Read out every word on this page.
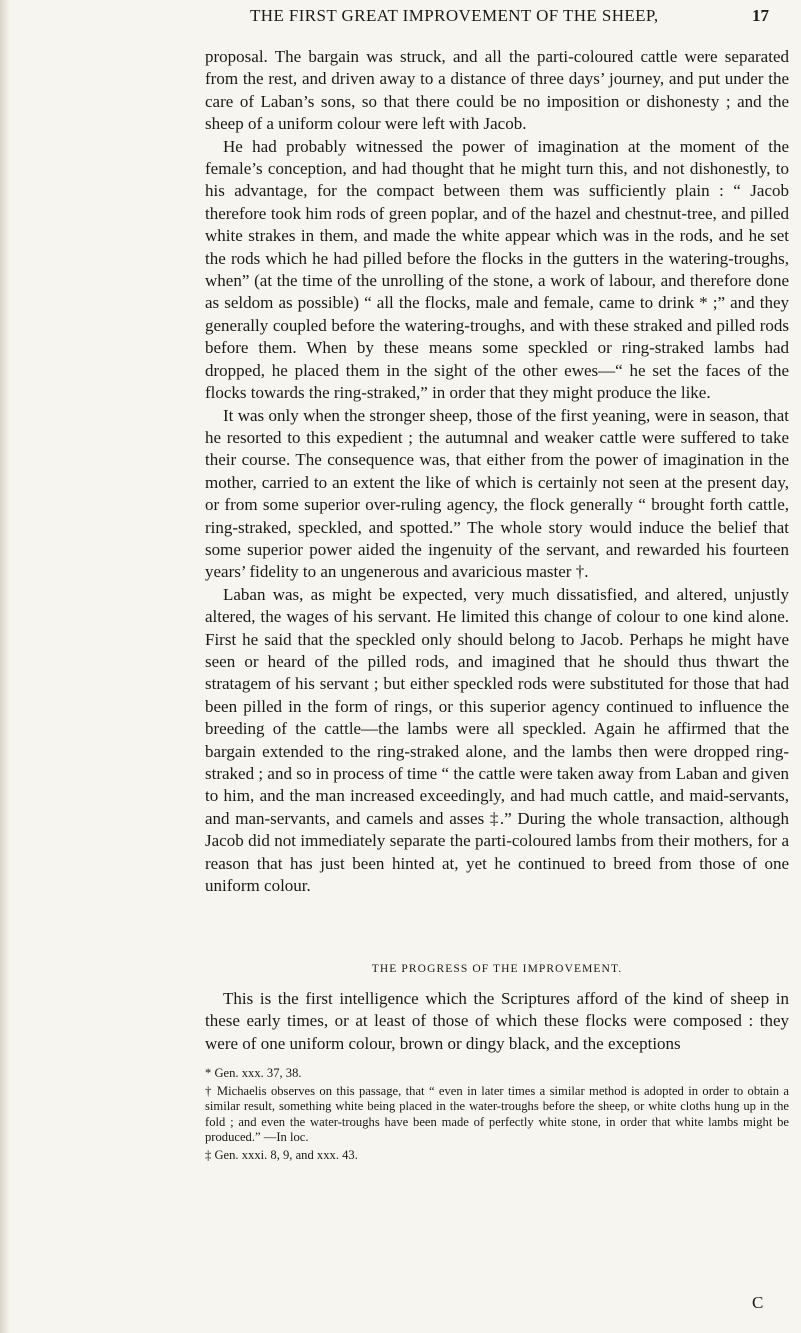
THE FIRST GREAT IMPROVEMENT OF THE SHEEP,	17

proposal. The bargain was struck, and all the parti-coloured cattle were separated from the rest, and driven away to a distance of three days’ journey, and put under the care of Laban’s sons, so that there could be no imposition or dishonesty ; and the sheep of a uniform colour were left with Jacob.

He had probably witnessed the power of imagination at the moment of the female’s conception, and had thought that he might turn this, and not dishonestly, to his advantage, for the compact between them was sufficiently plain : “ Jacob therefore took him rods of green poplar, and of the hazel and chestnut-tree, and pilled white strakes in them, and made the white appear which was in the rods, and he set the rods which he had pilled before the flocks in the gutters in the watering-troughs, when” (at the time of the unrolling of the stone, a work of labour, and therefore done as seldom as possible) “ all the flocks, male and female, came to drink * ;” and they generally coupled before the watering-troughs, and with these straked and pilled rods before them. When by these means some speckled or ring-straked lambs had dropped, he placed them in the sight of the other ewes—“ he set the faces of the flocks towards the ring-straked,” in order that they might produce the like.

It was only when the stronger sheep, those of the first yeaning, were in season, that he resorted to this expedient ; the autumnal and weaker cattle were suffered to take their course. The consequence was, that either from the power of imagination in the mother, carried to an extent the like of which is certainly not seen at the present day, or from some superior over-ruling agency, the flock generally “ brought forth cattle, ring-straked, speckled, and spotted.” The whole story would induce the belief that some superior power aided the ingenuity of the servant, and rewarded his fourteen years’ fidelity to an ungenerous and avaricious master †.

Laban was, as might be expected, very much dissatisfied, and altered, unjustly altered, the wages of his servant. He limited this change of colour to one kind alone. First he said that the speckled only should belong to Jacob. Perhaps he might have seen or heard of the pilled rods, and imagined that he should thus thwart the stratagem of his servant ; but either speckled rods were substituted for those that had been pilled in the form of rings, or this superior agency continued to influence the breeding of the cattle—the lambs were all speckled. Again he affirmed that the bargain extended to the ring-straked alone, and the lambs then were dropped ring-straked ; and so in process of time “ the cattle were taken away from Laban and given to him, and the man increased exceedingly, and had much cattle, and maid-servants, and man-servants, and camels and asses ‡.” During the whole transaction, although Jacob did not immediately separate the parti-coloured lambs from their mothers, for a reason that has just been hinted at, yet he continued to breed from those of one uniform colour.

THE PROGRESS OF THE IMPROVEMENT.

This is the first intelligence which the Scriptures afford of the kind of sheep in these early times, or at least of those of which these flocks were composed : they were of one uniform colour, brown or dingy black, and the exceptions

* Gen. xxx. 37, 38.

† Michaelis observes on this passage, that “ even in later times a similar method is adopted in order to obtain a similar result, something white being placed in the water-troughs before the sheep, or white cloths hung up in the fold ; and even the water-troughs have been made of perfectly white stone, in order that white lambs might be produced.” —In loc.

‡ Gen. xxxi. 8, 9, and xxx. 43.

C
